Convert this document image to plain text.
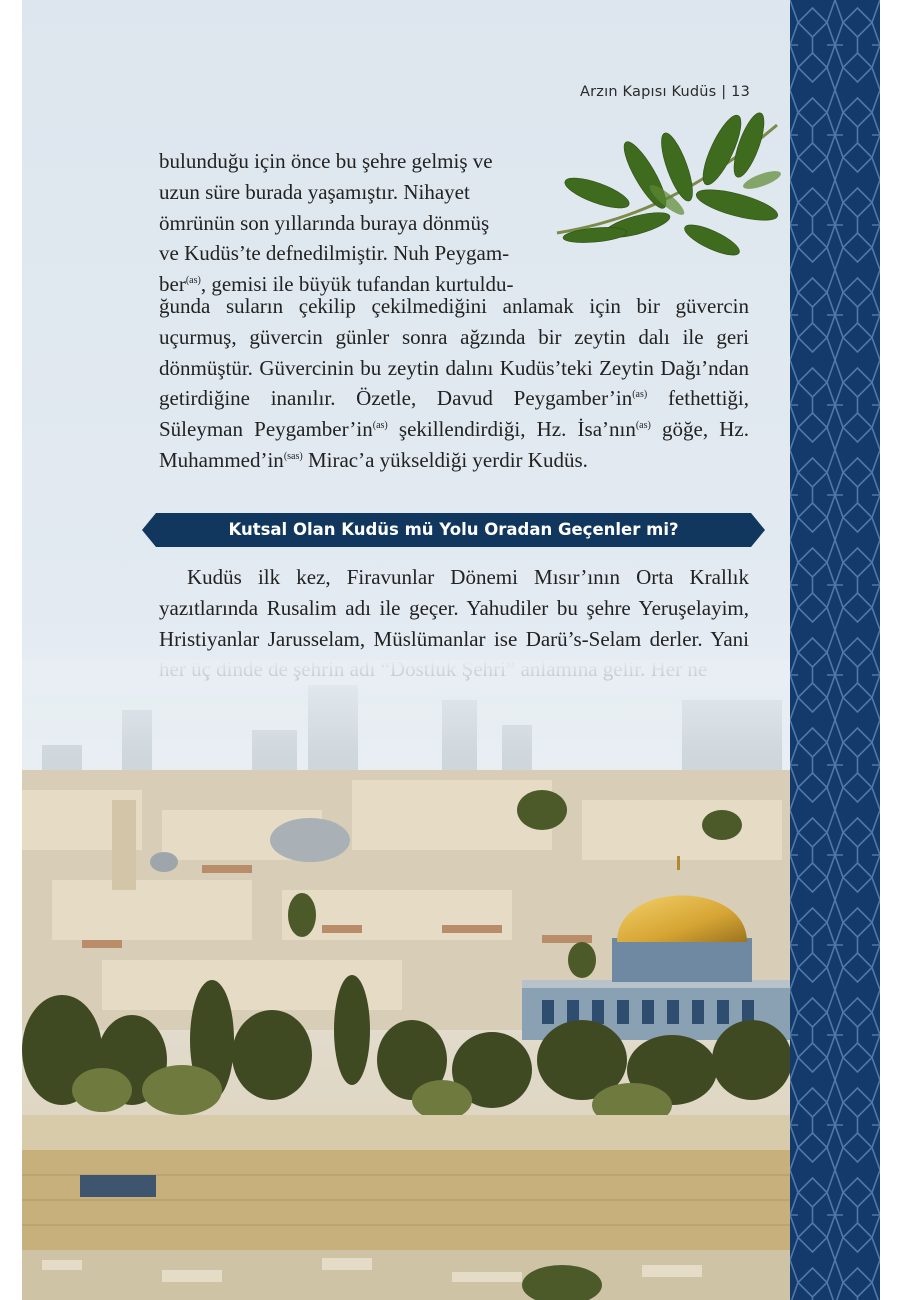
Arzın Kapısı Kudüs | 13

bulunduğu için önce bu şehre gelmiş ve

uzun süre burada yaşamıştır. Nihayet

ömrünün son yıllarında buraya dönmüş

ve Kudüs’te defnedilmiştir. Nuh Peygam-

ber$^{(as)}$, gemisi ile büyük tufandan kurtuldu-

ğunda suların çekilip çekilmediğini anlamak için bir güvercin uçurmuş, güvercin günler sonra ağzında bir zeytin dalı ile geri dönmüştür. Güvercinin bu zeytin dalını Kudüs’teki Zeytin Dağı’ndan getirdiğine inanılır. Özetle, Davud $Peygamber’in^{(as)}$ fethettiği, Süleyman $Peygamber’in^{(as)}$ şekillendirdiği, Hz. İsa’nın$^{(as)}$ göğe, Hz. $Muhammed’in^{(sas)}$ Mirac’a yükseldiği yerdir Kudüs.

Kutsal Olan Kudüs mü Yolu Oradan Geçenler mi?
Kudüs ilk kez, Firavunlar Dönemi Mısır’ının Orta Krallık yazıtlarında Rusalim adı ile geçer. Yahudiler bu şehre Yeruşelayim, Hristiyanlar Jarusselam, Müslümanlar ise Darü’s-Selam derler. Yani
